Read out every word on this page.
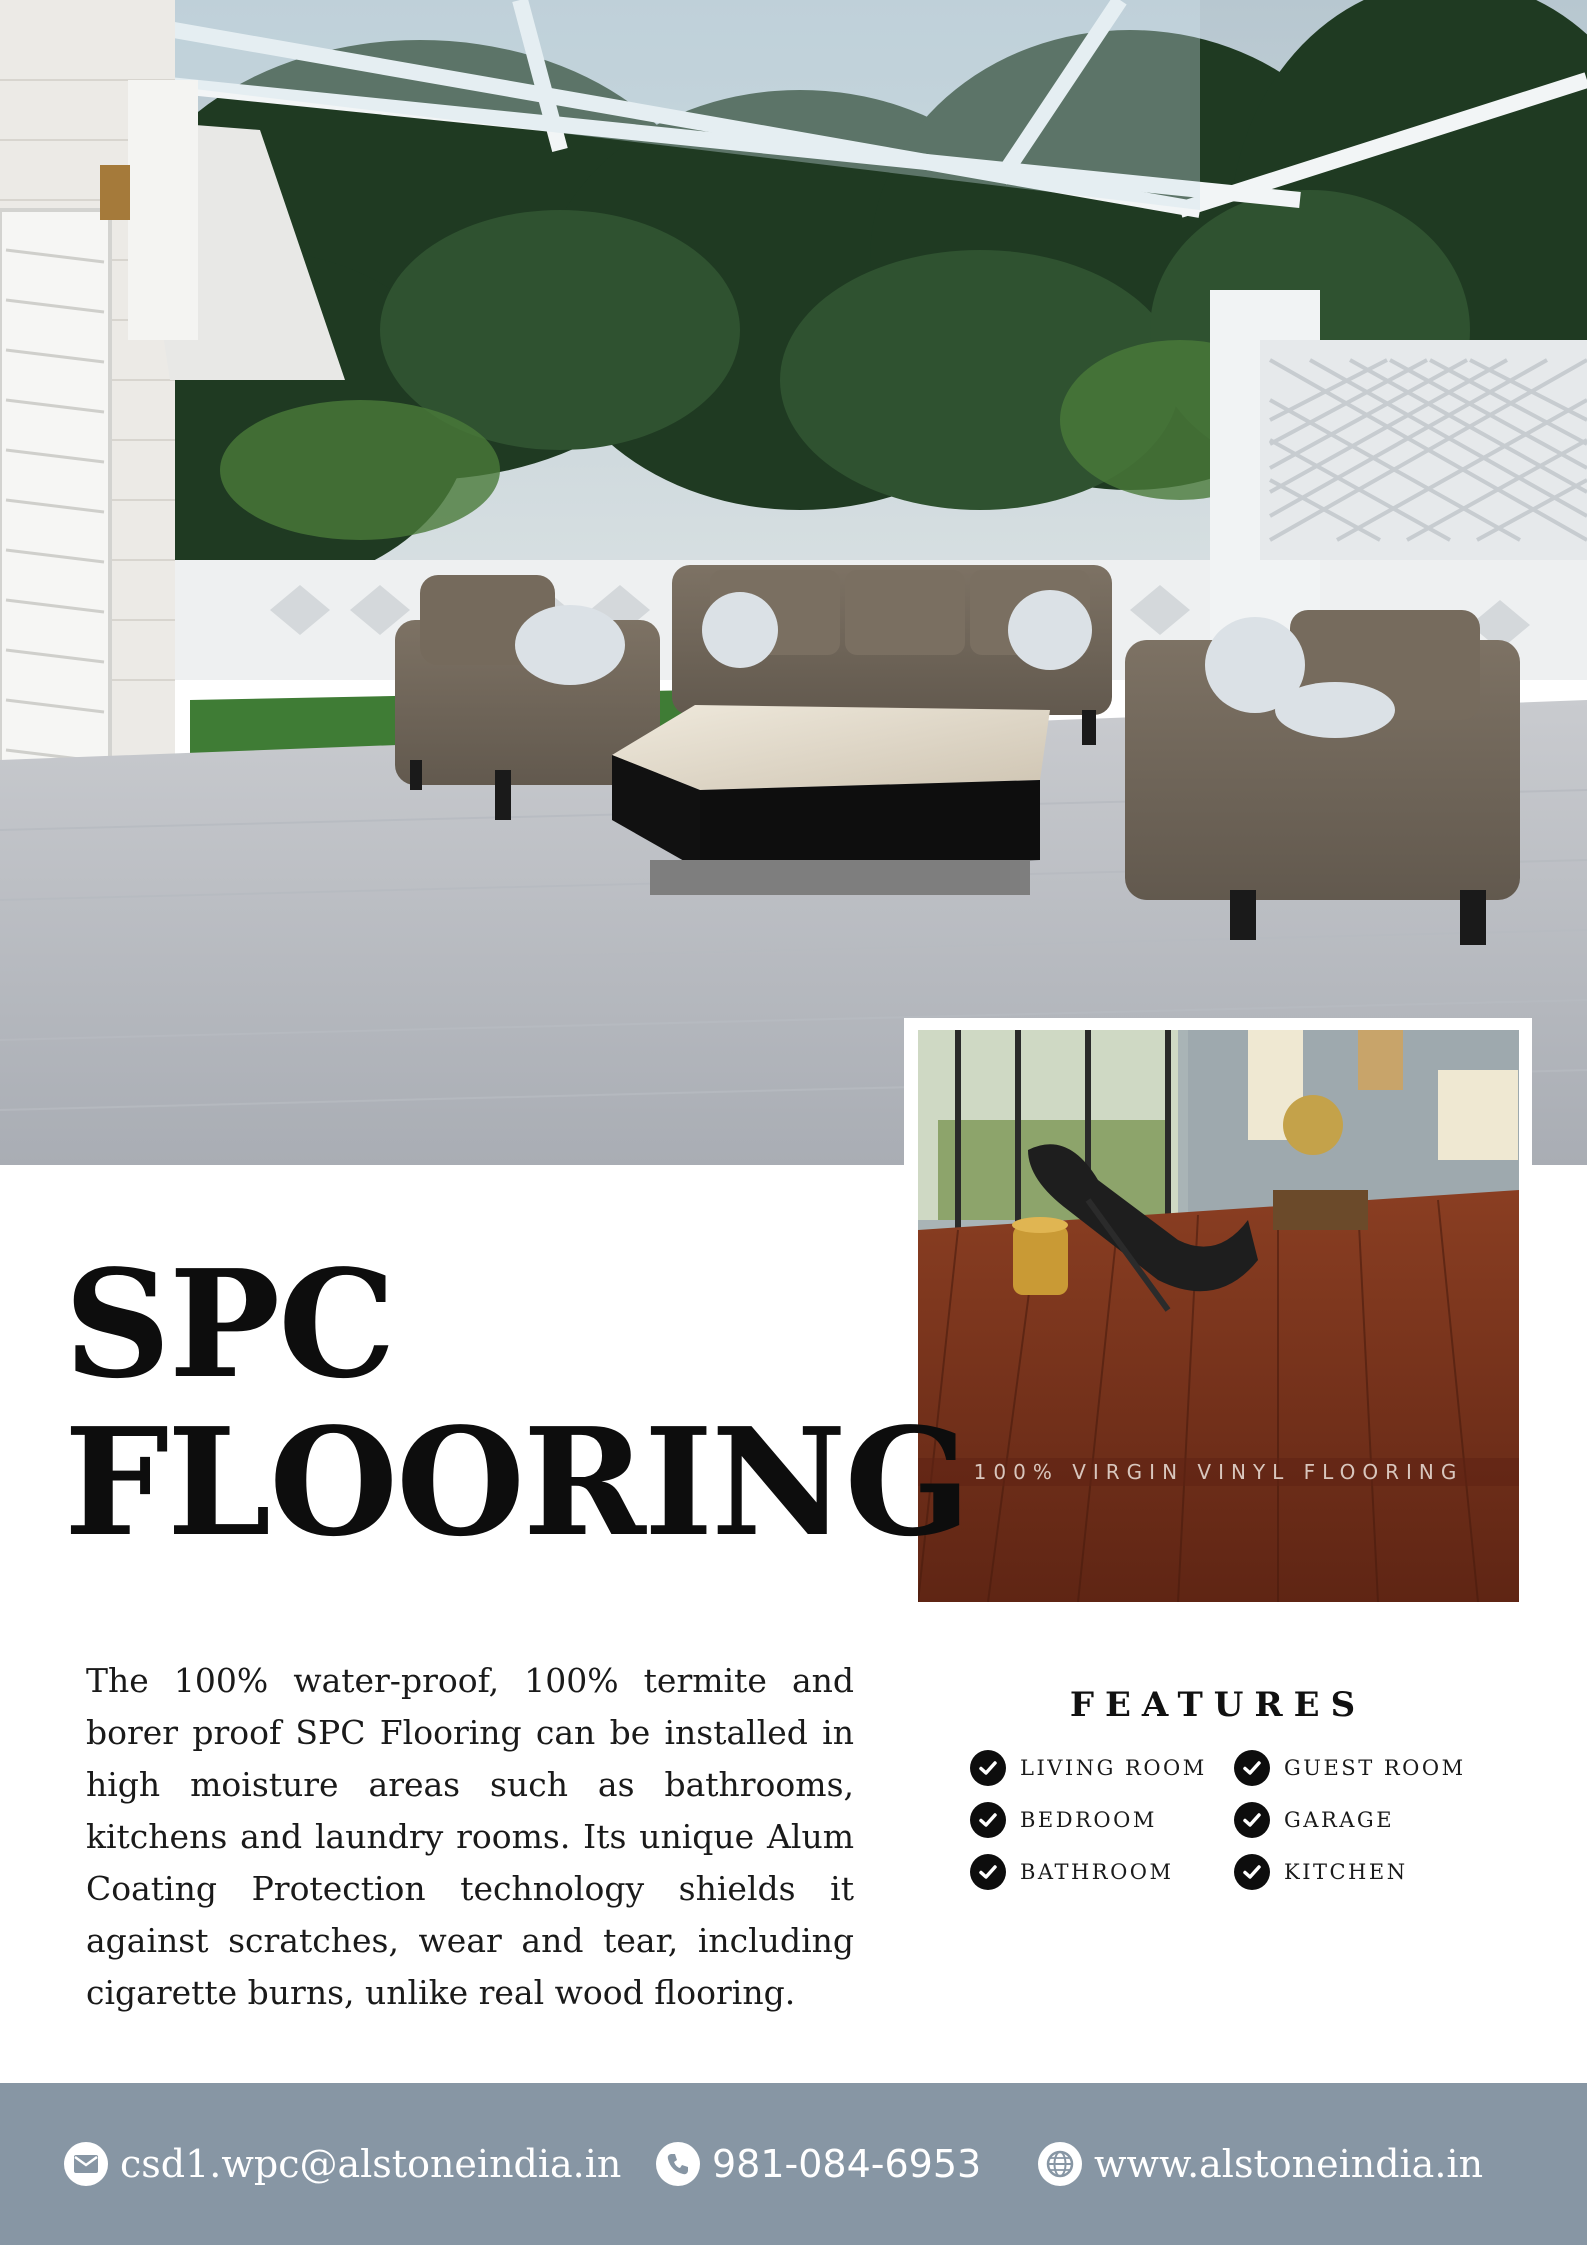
100% VIRGIN VINYL FLOORING
SPC
FLOORING
The 100% water-proof, 100% termite and borer proof SPC Flooring can be installed in high moisture areas such as bathrooms, kitchens and laundry rooms. Its unique Alum Coating Protection technology shields it against scratches, wear and tear, including cigarette burns, unlike real wood flooring.
FEATURES
LIVING ROOM	GUEST ROOM
BEDROOM	GARAGE
BATHROOM	KITCHEN
csd1.wpc@alstoneindia.in 981-084-6953	www.alstoneindia.in
